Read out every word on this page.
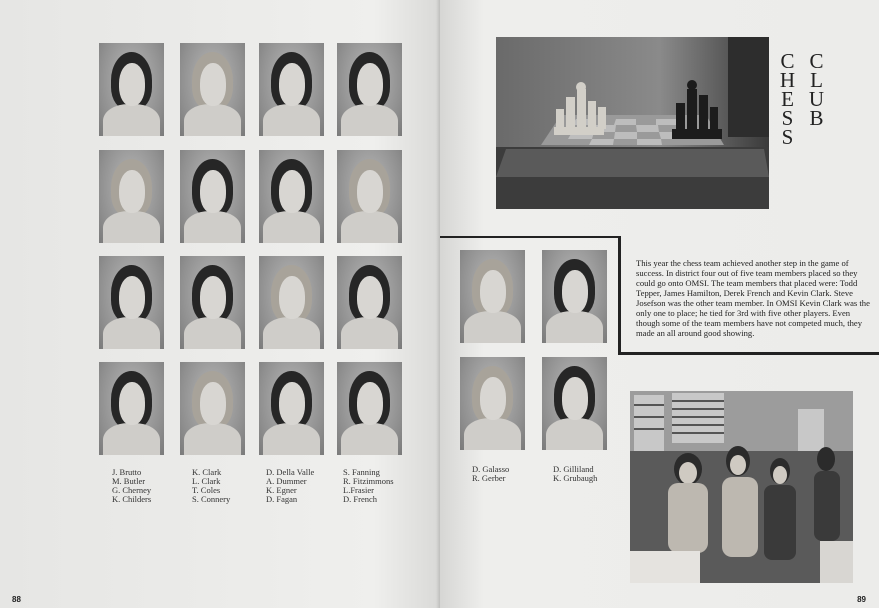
J. Brutto
M. Butler
G. Cherney
K. Childers
K. Clark
L. Clark
T. Coles
S. Connery
D. Della Valle
A. Dummer
K. Egner
D. Fagan
S. Fanning
R. Fitzimmons
L.Frasier
D. French
88
C
H
E
S
S
C
L
U
B
This year the chess team achieved another step in the game of success. In district four out of five team members placed so they could go onto OMSI. The team members that placed were: Todd Tepper, James Hamilton, Derek French and Kevin Clark. Steve Josefson was the other team member. In OMSI Kevin Clark was the only one to place; he tied for 3rd with five other players. Even though some of the team members have not competed much, they made an all around good showing.
D. Galasso
R. Gerber
D. Gilliland
K. Grubaugh
89
